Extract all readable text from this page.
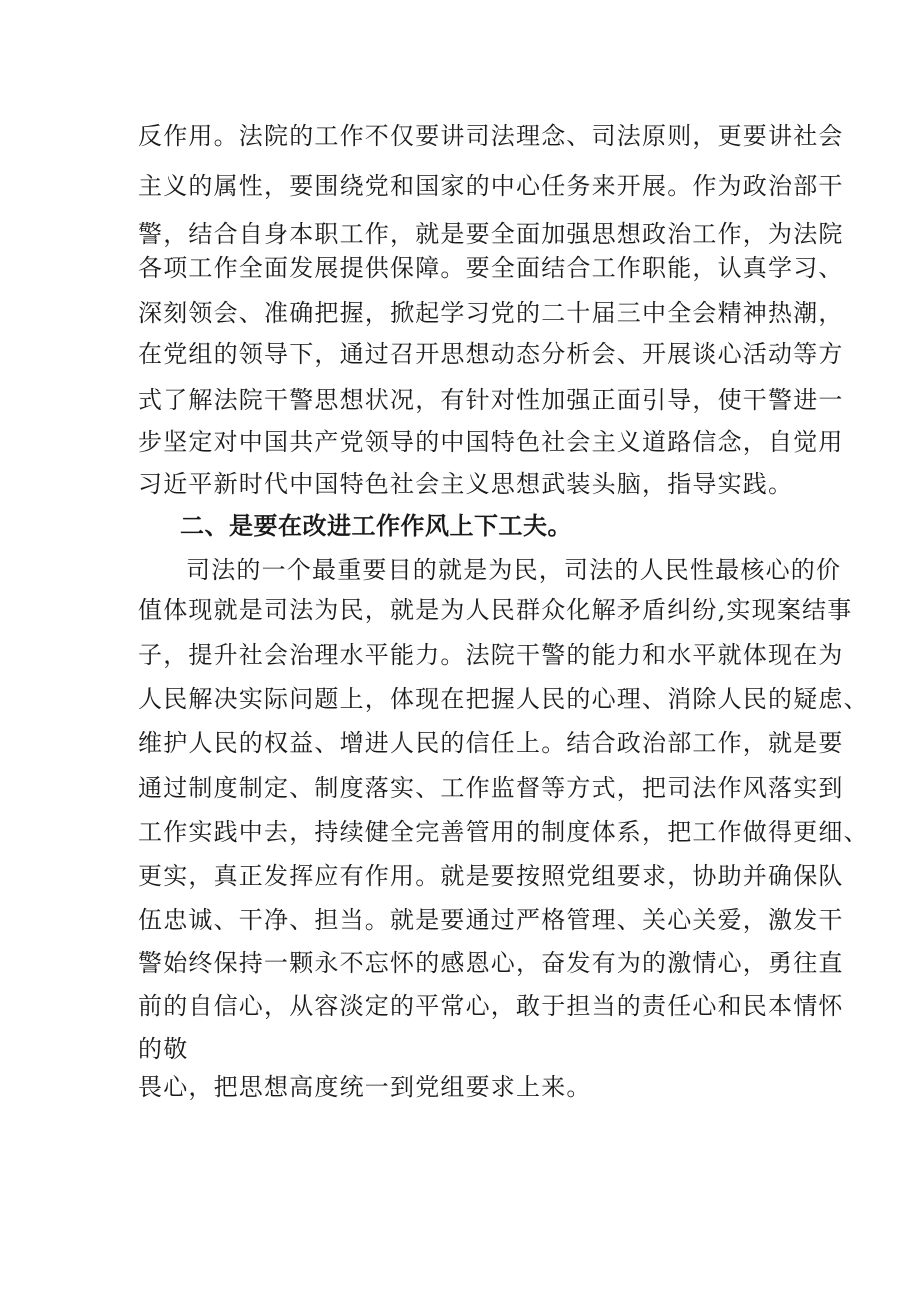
反作用。法院的工作不仅要讲司法理念、司法原则，更要讲社会
主义的属性，要围绕党和国家的中心任务来开展。作为政治部干
警，结合自身本职工作，就是要全面加强思想政治工作，为法院
各项工作全面发展提供保障。要全面结合工作职能，认真学习、
深刻领会、准确把握，掀起学习党的二十届三中全会精神热潮，
在党组的领导下，通过召开思想动态分析会、开展谈心活动等方
式了解法院干警思想状况，有针对性加强正面引导，使干警进一
步坚定对中国共产党领导的中国特色社会主义道路信念，自觉用
习近平新时代中国特色社会主义思想武装头脑，指导实践。
二、是要在改进工作作风上下工夫。
司法的一个最重要目的就是为民，司法的人民性最核心的价
值体现就是司法为民，就是为人民群众化解矛盾纠纷,实现案结事
子，提升社会治理水平能力。法院干警的能力和水平就体现在为
人民解决实际问题上，体现在把握人民的心理、消除人民的疑虑、
维护人民的权益、增进人民的信任上。结合政治部工作，就是要
通过制度制定、制度落实、工作监督等方式，把司法作风落实到
工作实践中去，持续健全完善管用的制度体系，把工作做得更细、
更实，真正发挥应有作用。就是要按照党组要求，协助并确保队
伍忠诚、干净、担当。就是要通过严格管理、关心关爱，激发干
警始终保持一颗永不忘怀的感恩心，奋发有为的激情心，勇往直
前的自信心，从容淡定的平常心，敢于担当的责任心和民本情怀
的敬
畏心，把思想高度统一到党组要求上来。
